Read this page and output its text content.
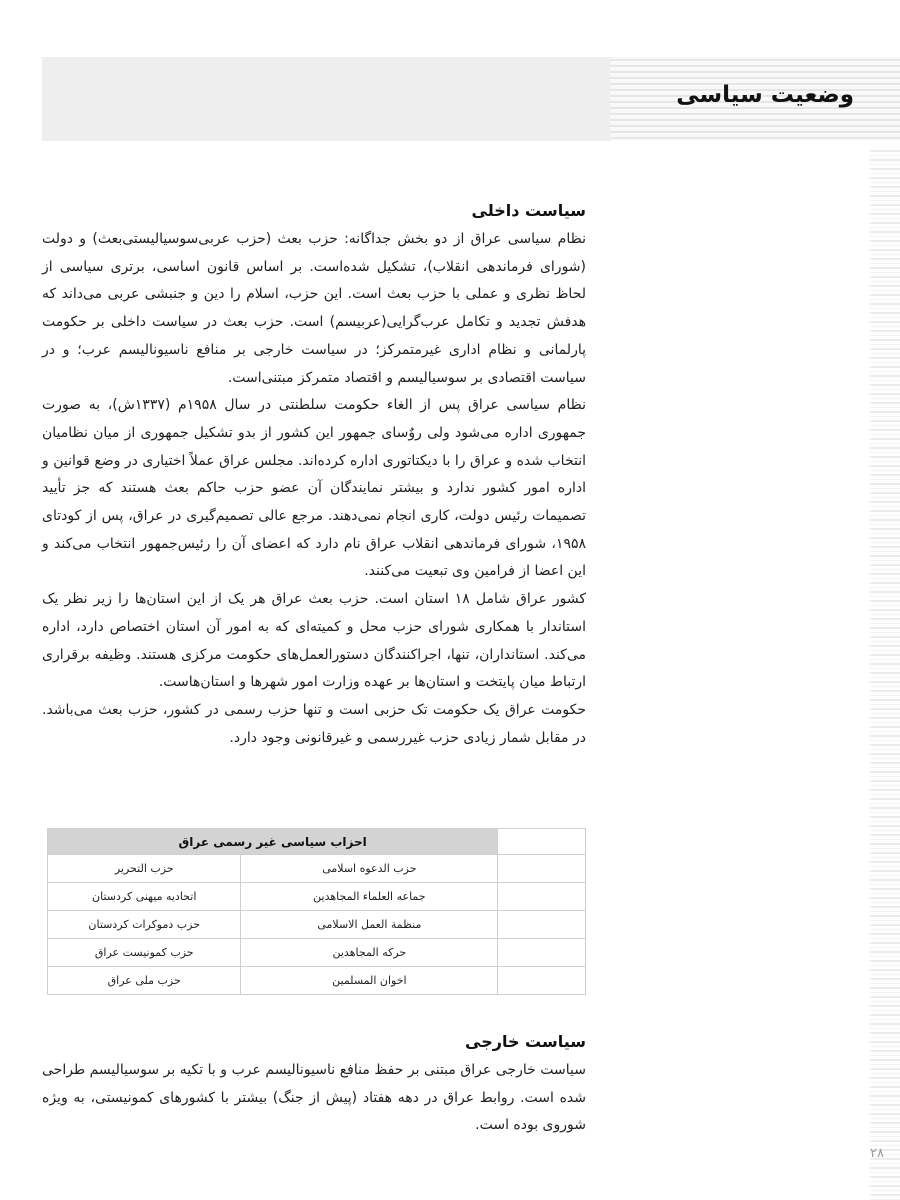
وضعیت سیاسی
سیاست داخلی

نظام سیاسی عراق از دو بخش جداگانه: حزب بعث (حزب عربی‌سوسیالیستی‌بعث) و دولت (شورای فرماندهی انقلاب)، تشکیل شده‌است. بر اساس قانون اساسی، برتری سیاسی از لحاظ نظری و عملی با حزب بعث است. این حزب، اسلام را دین و جنبشی عربی می‌داند که هدفش تجدید و تکامل عرب‌گرایی(عربیسم) است. حزب بعث در سیاست داخلی بر حکومت پارلمانی و نظام اداری غیرمتمرکز؛ در سیاست خارجی بر منافع ناسیونالیسم عرب؛ و در سیاست اقتصادی بر سوسیالیسم و اقتصاد متمرکز مبتنی‌است.

نظام سیاسی عراق پس از الغاء حکومت سلطنتی در سال ۱۹۵۸م (۱۳۳۷ش)، به صورت جمهوری اداره می‌شود ولی روٌسای جمهور این کشور از بدو تشکیل جمهوری از میان نظامیان انتخاب شده و عراق را با دیکتاتوری اداره کرده‌اند. مجلس عراق عملاً اختیاری در وضع قوانین و اداره امور کشور ندارد و بیشتر نمایندگان آن عضو حزب حاکم بعث هستند که جز تأیید تصمیمات رئیس دولت، کاری انجام نمی‌دهند. مرجع عالی تصمیم‌گیری در عراق، پس از کودتای ۱۹۵۸، شورای فرماندهی انقلاب عراق نام دارد که اعضای آن را رئیس‌جمهور انتخاب می‌کند و این اعضا از فرامین وی تبعیت می‌کنند.

کشور عراق شامل ۱۸ استان است. حزب بعث عراق هر یک از این استان‌ها را زیر نظر یک استاندار با همکاری شورای حزب محل و کمیته‌ای که به امور آن استان اختصاص دارد، اداره می‌کند. استانداران، تنها، اجراکنندگان دستورالعمل‌های حکومت مرکزی هستند. وظیفه برقراری ارتباط میان پایتخت و استان‌ها بر عهده وزارت امور شهرها و استان‌هاست.

حکومت عراق یک حکومت تک حزبی است و تنها حزب رسمی در کشور، حزب بعث می‌باشد. در مقابل شمار زیادی حزب غیررسمی و غیرقانونی وجود دارد.

	احزاب سیاسی غیر رسمی عراق	
	حزب الدعوه اسلامی	حزب التحریر
	جماعه العلماء المجاهدین	اتحادیه میهنی کردستان
	منظمة العمل الاسلامی	حزب دموکرات کردستان
	حرکه المجاهدین	حزب کمونیست عراق
	اخوان المسلمین	حزب ملی عراق
سیاست خارجی

سیاست خارجی عراق مبتنی بر حفظ منافع ناسیونالیسم عرب و با تکیه بر سوسیالیسم طراحی شده است. روابط عراق در دهه هفتاد (پیش از جنگ) بیشتر با کشورهای کمونیستی، به ویژه شوروی بوده است.

۲۸
